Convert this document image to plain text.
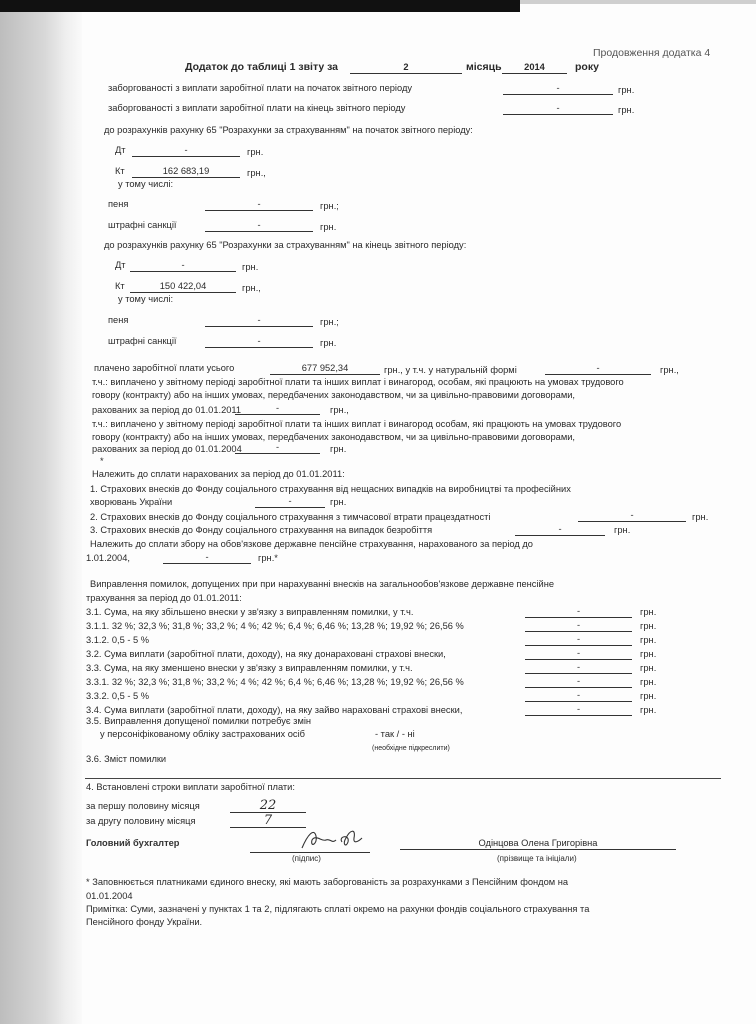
Продовження додатка 4
Додаток до таблиці 1 звіту за	2	місяць	2014	року
заборгованості з виплати заробітної плати на початок звітного періоду	-	грн.
заборгованості з виплати заробітної плати на кінець звітного періоду	-	грн.
до розрахунків рахунку 65 "Розрахунки за страхуванням" на початок звітного періоду:
Дт	-	грн.
Кт	162 683,19	грн.,
у тому числі:
пеня	-	грн.;
штрафні санкції	-	грн.
до розрахунків рахунку 65 "Розрахунки за страхуванням" на кінець звітного періоду:
Дт	-	грн.
Кт	150 422,04	грн.,
у тому числі:
пеня	-	грн.;
штрафні санкції	-	грн.
плачено заробітної плати усього	677 952,34	грн., у т.ч. у натуральній формі	-	грн.,
т.ч.: виплачено у звітному періоді заробітної плати та інших виплат і винагород, особам, які працюють на умовах трудового
говору (контракту) або на інших умовах, передбачених законодавством, чи за цивільно-правовими договорами,
рахованих за період до 01.01.2011	-	грн.,
т.ч.: виплачено у звітному періоді заробітної плати та інших виплат і винагород особам, які працюють на умовах трудового
говору (контракту) або на інших умовах, передбачених законодавством, чи за цивільно-правовими договорами,
рахованих за період до 01.01.2004	-	грн.
*
Належить до сплати нарахованих за період до 01.01.2011:
1. Страхових внесків до Фонду соціального страхування від нещасних випадків на виробництві та професійних
хворювань України	-	грн.
2. Страхових внесків до Фонду соціального страхування з тимчасової втрати працездатності	-	грн.
3. Страхових внесків до Фонду соціального страхування на випадок безробіття	-	грн.
Належить до сплати збору на обов'язкове державне пенсійне страхування, нарахованого за період до
1.01.2004,	-	грн.*
Виправлення помилок, допущених при при нарахуванні внесків на загальнообов'язкове державне пенсійне
трахування за період до 01.01.2011:
3.1. Сума, на яку збільшено внески у зв'язку з виправленням помилки, у т.ч.	-	грн.
3.1.1. 32 %; 32,3 %; 31,8 %; 33,2 %; 4 %; 42 %; 6,4 %; 6,46 %; 13,28 %; 19,92 %; 26,56 %	-	грн.
3.1.2. 0,5 - 5 %	-	грн.
3.2. Сума виплати (заробітної плати, доходу), на яку донараховані страхові внески,	-	грн.
3.3. Сума, на яку зменшено внески у зв'язку з виправленням помилки, у т.ч.	-	грн.
3.3.1. 32 %; 32,3 %; 31,8 %; 33,2 %; 4 %; 42 %; 6,4 %; 6,46 %; 13,28 %; 19,92 %; 26,56 %	-	грн.
3.3.2. 0,5 - 5 %	-	грн.
3.4. Сума виплати (заробітної плати, доходу), на яку зайво нараховані страхові внески,	-	грн.
3.5. Виправлення допущеної помилки потребує змін
у персоніфікованому обліку застрахованих осіб	- так / - ні
(необхідне підкреслити)
3.6. Зміст помилки
4. Встановлені строки виплати заробітної плати:
за першу половину місяця	22
за другу половину місяця	7
Головний бухгалтер
(підпис)
Одінцова Олена Григорівна
(прізвище та ініціали)
* Заповнюється платниками єдиного внеску, які мають заборгованість за розрахунками з Пенсійним фондом на
01.01.2004
Примітка: Суми, зазначені у пунктах 1 та 2, підлягають сплаті окремо на рахунки фондів соціального страхування та
Пенсійного фонду України.
